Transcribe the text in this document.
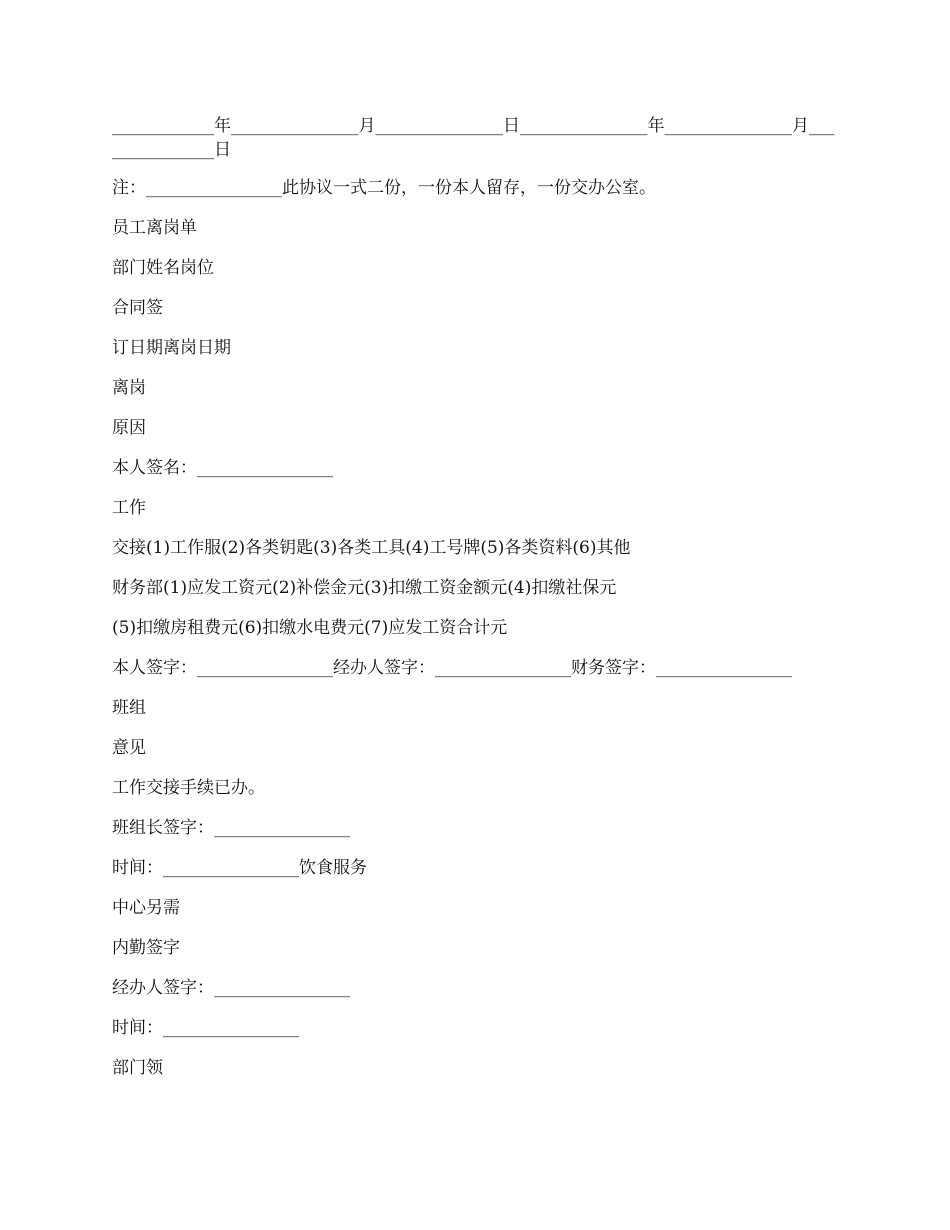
____________年_______________月_______________日_______________年_______________月_______________日

注：________________此协议一式二份，一份本人留存，一份交办公室。

员工离岗单

部门姓名岗位

合同签

订日期离岗日期

离岗

原因

本人签名：________________

工作

交接(1)工作服(2)各类钥匙(3)各类工具(4)工号牌(5)各类资料(6)其他

财务部(1)应发工资元(2)补偿金元(3)扣缴工资金额元(4)扣缴社保元

(5)扣缴房租费元(6)扣缴水电费元(7)应发工资合计元

本人签字：________________经办人签字：________________财务签字：________________

班组

意见

工作交接手续已办。

班组长签字：________________

时间：________________饮食服务

中心另需

内勤签字

经办人签字：________________

时间：________________

部门领
